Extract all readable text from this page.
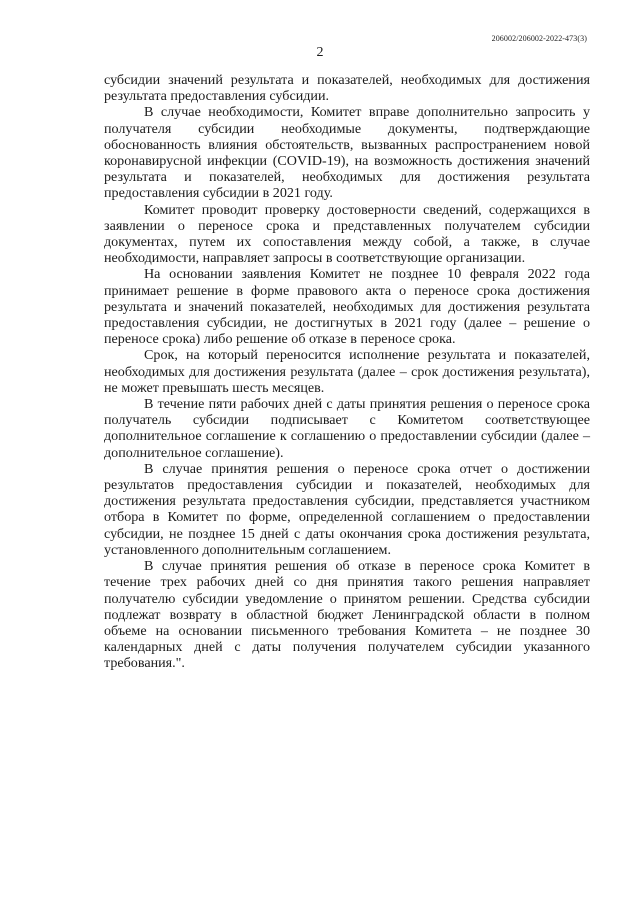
206002/206002-2022-473(3)
2

субсидии значений результата и показателей, необходимых для достижения результата предоставления субсидии.

В случае необходимости, Комитет вправе дополнительно запросить у получателя субсидии необходимые документы, подтверждающие обоснованность влияния обстоятельств, вызванных распространением новой коронавирусной инфекции (COVID-19), на возможность достижения значений результата и показателей, необходимых для достижения результата предоставления субсидии в 2021 году.

Комитет проводит проверку достоверности сведений, содержащихся в заявлении о переносе срока и представленных получателем субсидии документах, путем их сопоставления между собой, а также, в случае необходимости, направляет запросы в соответствующие организации.

На основании заявления Комитет не позднее 10 февраля 2022 года принимает решение в форме правового акта о переносе срока достижения результата и значений показателей, необходимых для достижения результата предоставления субсидии, не достигнутых в 2021 году (далее – решение о переносе срока) либо решение об отказе в переносе срока.

Срок, на который переносится исполнение результата и показателей, необходимых для достижения результата (далее – срок достижения результата), не может превышать шесть месяцев.

В течение пяти рабочих дней с даты принятия решения о переносе срока получатель субсидии подписывает с Комитетом соответствующее дополнительное соглашение к соглашению о предоставлении субсидии (далее – дополнительное соглашение).

В случае принятия решения о переносе срока отчет о достижении результатов предоставления субсидии и показателей, необходимых для достижения результата предоставления субсидии, представляется участником отбора в Комитет по форме, определенной соглашением о предоставлении субсидии, не позднее 15 дней с даты окончания срока достижения результата, установленного дополнительным соглашением.

В случае принятия решения об отказе в переносе срока Комитет в течение трех рабочих дней со дня принятия такого решения направляет получателю субсидии уведомление о принятом решении. Средства субсидии подлежат возврату в областной бюджет Ленинградской области в полном объеме на основании письменного требования Комитета – не позднее 30 календарных дней с даты получения получателем субсидии указанного требования.".
